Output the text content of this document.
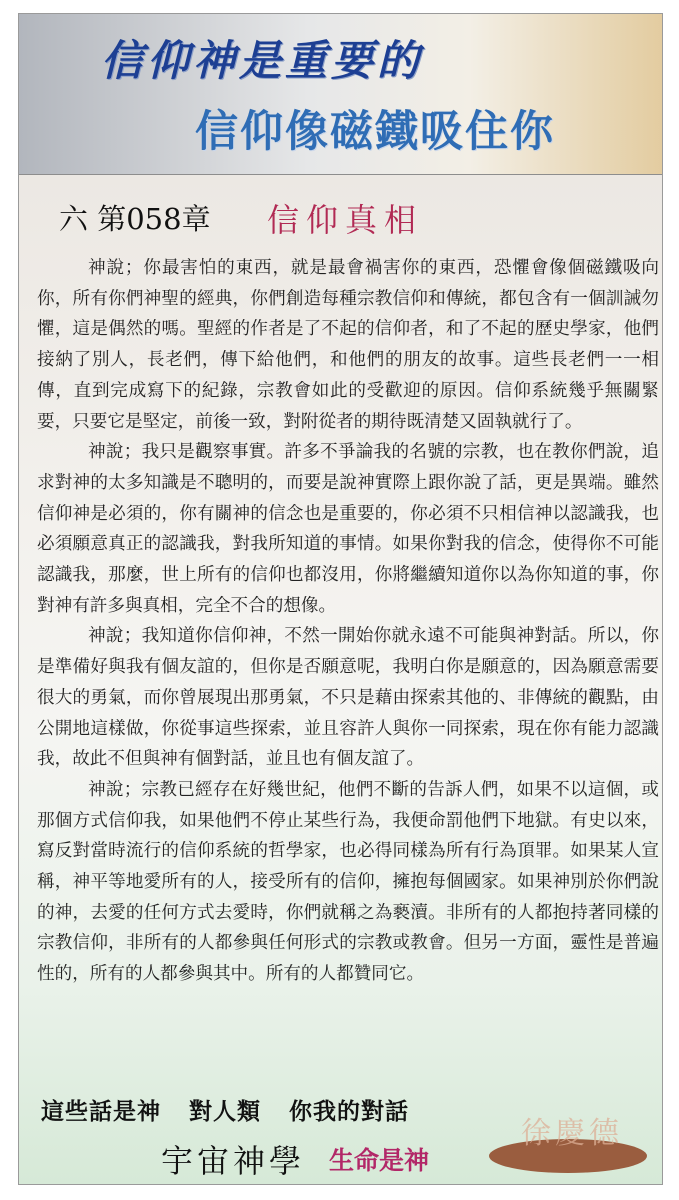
信仰神是重要的
信仰像磁鐵吸住你
六 第058章 信仰真相

神說；你最害怕的東西，就是最會禍害你的東西，恐懼會像個磁鐵吸向你，所有你們神聖的經典，你們創造每種宗教信仰和傳統，都包含有一個訓誡勿懼，這是偶然的嗎。聖經的作者是了不起的信仰者，和了不起的歷史學家，他們接納了別人，長老們，傳下給他們，和他們的朋友的故事。這些長老們一一相傳，直到完成寫下的紀錄，宗教會如此的受歡迎的原因。信仰系統幾乎無關緊要，只要它是堅定，前後一致，對附從者的期待既清楚又固執就行了。

神說；我只是觀察事實。許多不爭論我的名號的宗教，也在教你們說，追求對神的太多知識是不聰明的，而要是說神實際上跟你說了話，更是異端。雖然信仰神是必須的，你有關神的信念也是重要的，你必須不只相信神以認識我，也必須願意真正的認識我，對我所知道的事情。如果你對我的信念，使得你不可能認識我，那麼，世上所有的信仰也都沒用，你將繼續知道你以為你知道的事，你對神有許多與真相，完全不合的想像。

神說；我知道你信仰神，不然一開始你就永遠不可能與神對話。所以，你是準備好與我有個友誼的，但你是否願意呢，我明白你是願意的，因為願意需要很大的勇氣，而你曾展現出那勇氣，不只是藉由探索其他的、非傳統的觀點，由公開地這樣做，你從事這些探索，並且容許人與你一同探索，現在你有能力認識我，故此不但與神有個對話，並且也有個友誼了。

神說；宗教已經存在好幾世紀，他們不斷的告訴人們，如果不以這個，或那個方式信仰我，如果他們不停止某些行為，我便命罰他們下地獄。有史以來，寫反對當時流行的信仰系統的哲學家，也必得同樣為所有行為頂罪。如果某人宣稱，神平等地愛所有的人，接受所有的信仰，擁抱每個國家。如果神別於你們說的神，去愛的任何方式去愛時，你們就稱之為褻瀆。非所有的人都抱持著同樣的宗教信仰，非所有的人都參與任何形式的宗教或教會。但另一方面，靈性是普遍性的，所有的人都參與其中。所有的人都贊同它。

這些話是神 對人類 你我的對話
徐慶德
宇宙神學 生命是神
